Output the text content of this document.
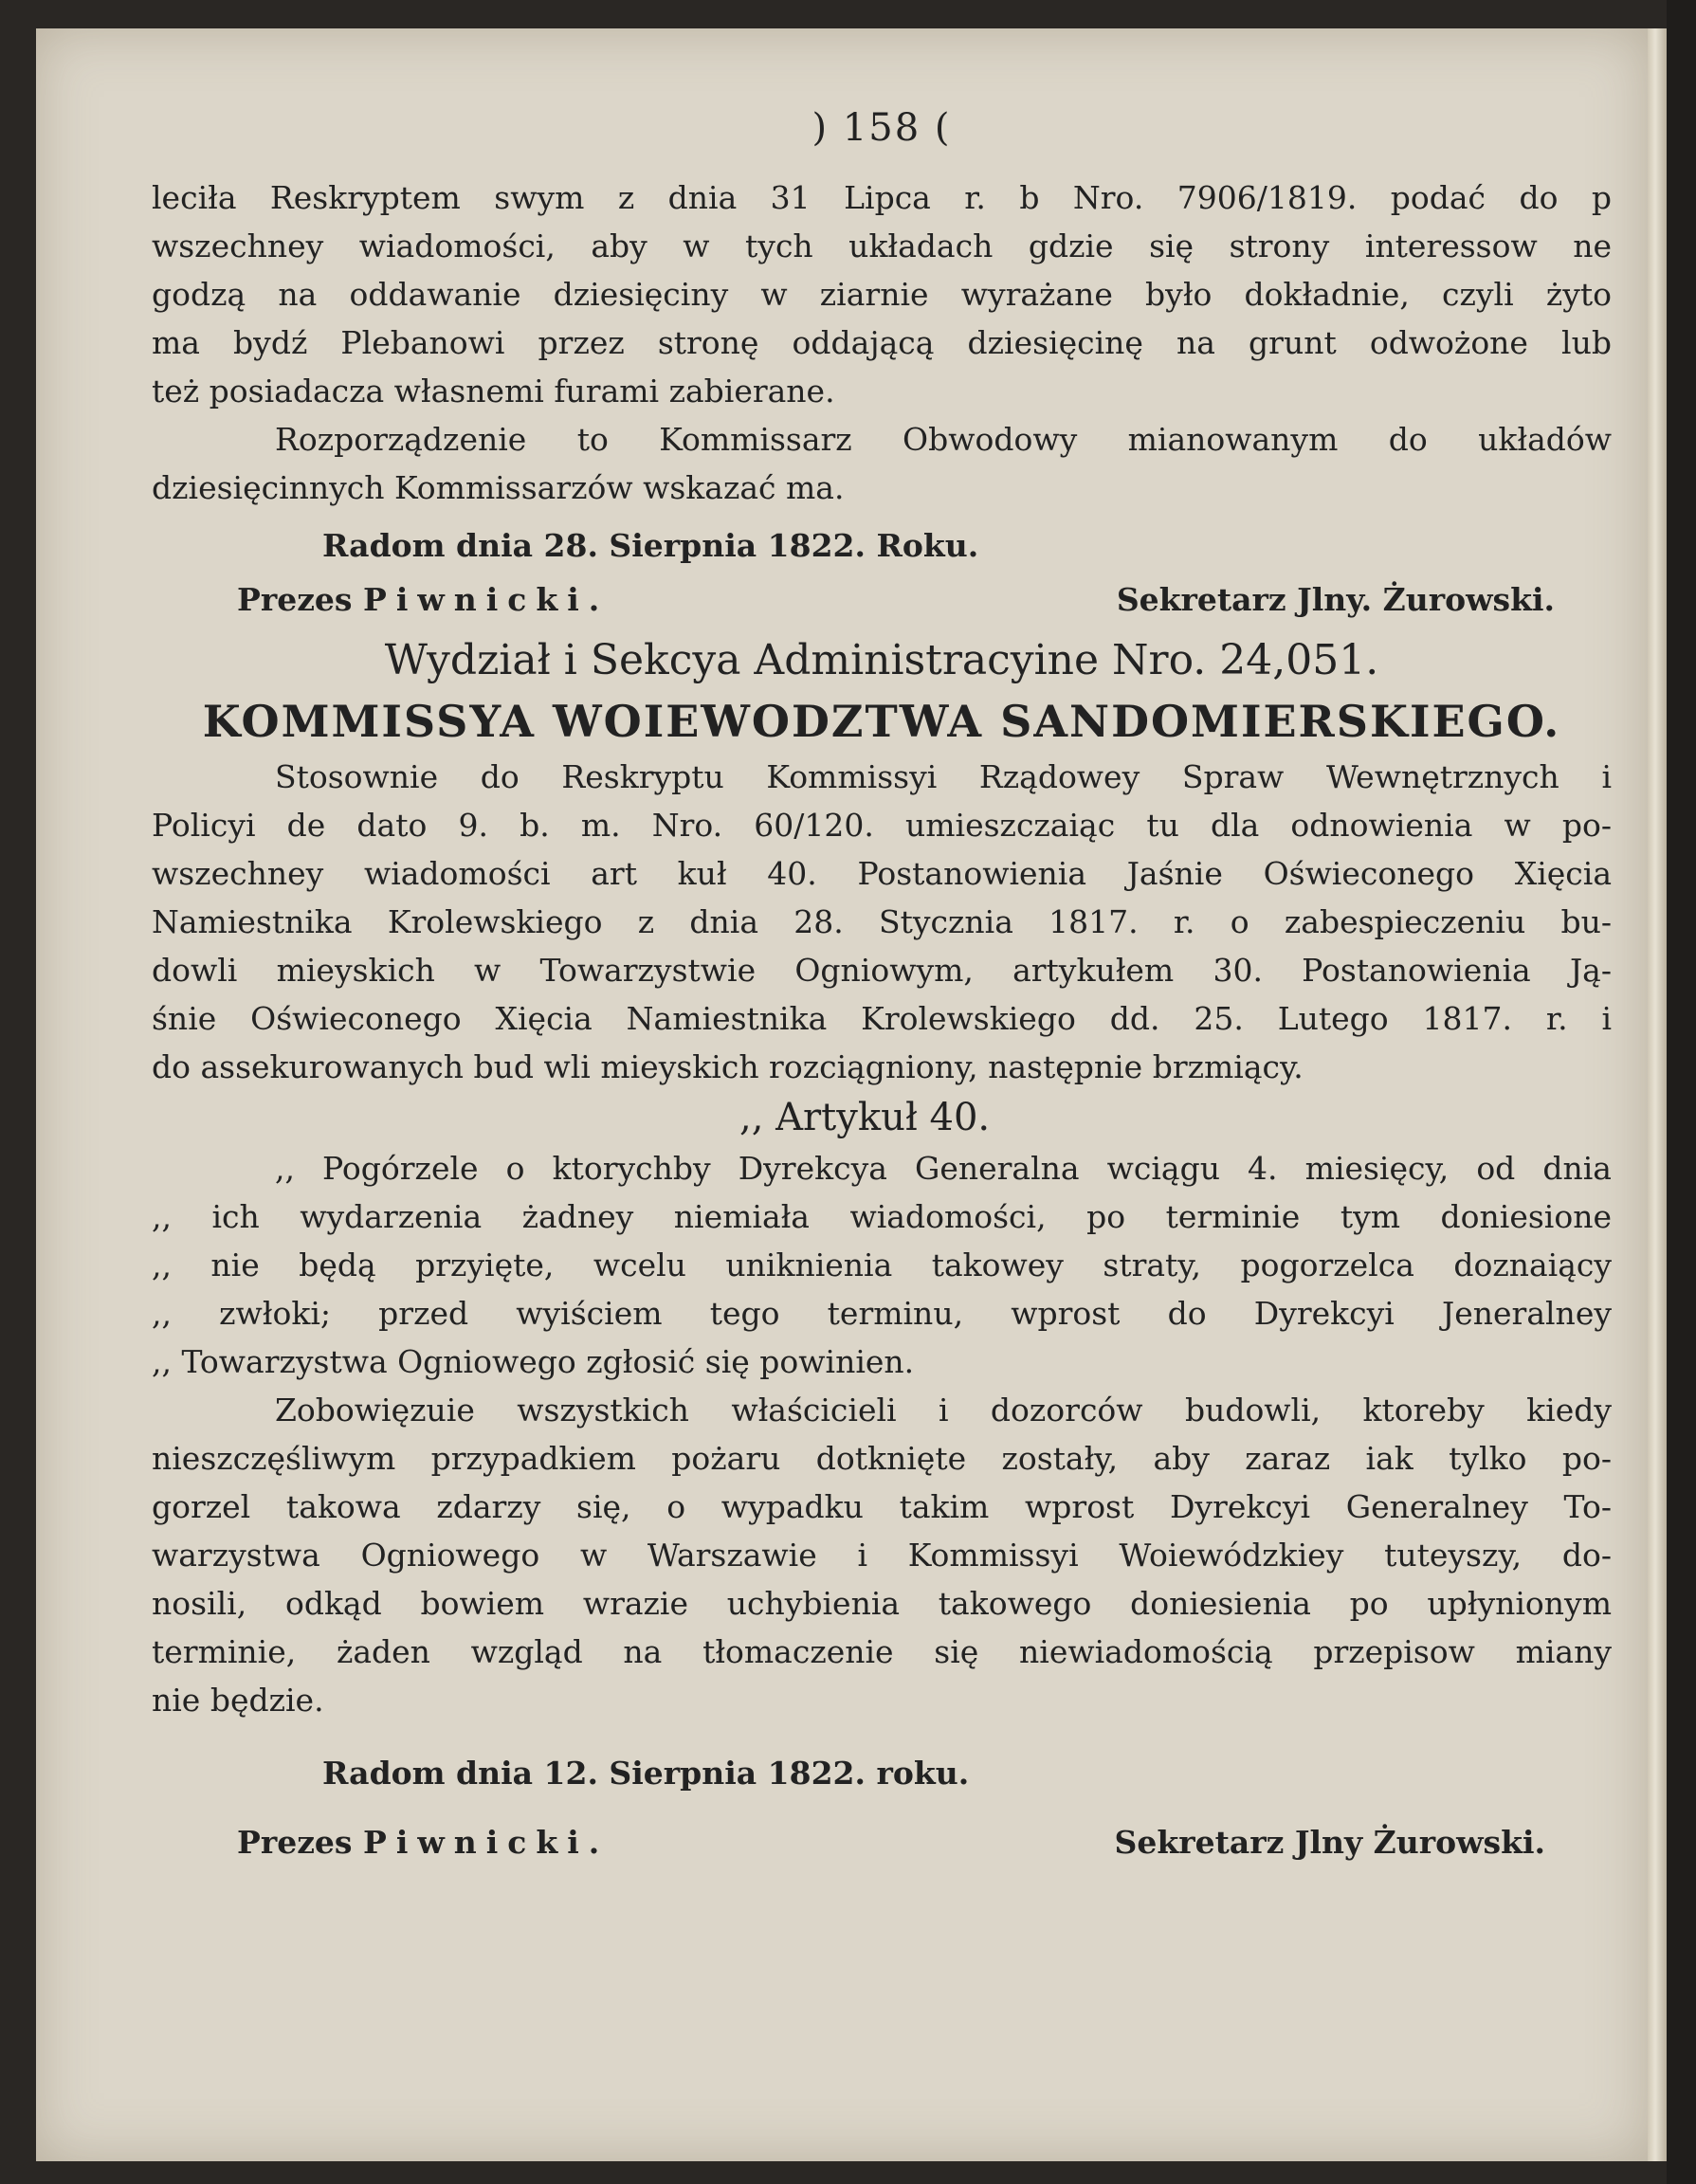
) 158 (
leciła Reskryptem swym z dnia 31 Lipca r. b Nro. 7906/1819. podać do p
wszechney wiadomości, aby w tych układach gdzie się strony interessow ne
godzą na oddawanie dziesięciny w ziarnie wyrażane było dokładnie, czyli żyto
ma bydź Plebanowi przez stronę oddającą dziesięcinę na grunt odwożone lub
też posiadacza własnemi furami zabierane.
Rozporządzenie to Kommissarz Obwodowy mianowanym do układów
dziesięcinnych Kommissarzów wskazać ma.
Radom dnia 28. Sierpnia 1822. Roku.
Prezes Piwnicki.	Sekretarz Jlny. Żurowski.
Wydział i Sekcya Administracyine Nro. 24,051.
KOMMISSYA WOIEWODZTWA SANDOMIERSKIEGO.
Stosownie do Reskryptu Kommissyi Rządowey Spraw Wewnętrznych i
Policyi de dato 9. b. m. Nro. 60/120. umieszczaiąc tu dla odnowienia w po-
wszechney wiadomości art kuł 40. Postanowienia Jaśnie Oświeconego Xięcia
Namiestnika Krolewskiego z dnia 28. Stycznia 1817. r. o zabespieczeniu bu-
dowli mieyskich w Towarzystwie Ogniowym, artykułem 30. Postanowienia Ją-
śnie Oświeconego Xięcia Namiestnika Krolewskiego dd. 25. Lutego 1817. r. i
do assekurowanych bud wli mieyskich rozciągniony, następnie brzmiący.
,, Artykuł 40.
,, Pogórzele o ktorychby Dyrekcya Generalna wciągu 4. miesięcy, od dnia
,, ich wydarzenia żadney niemiała wiadomości, po terminie tym doniesione
,, nie będą przyięte, wcelu uniknienia takowey straty, pogorzelca doznaiący
,, zwłoki; przed wyiściem tego terminu, wprost do Dyrekcyi Jeneralney
,, Towarzystwa Ogniowego zgłosić się powinien.
Zobowięzuie wszystkich właścicieli i dozorców budowli, ktoreby kiedy
nieszczęśliwym przypadkiem pożaru dotknięte zostały, aby zaraz iak tylko po-
gorzel takowa zdarzy się, o wypadku takim wprost Dyrekcyi Generalney To-
warzystwa Ogniowego w Warszawie i Kommissyi Woiewódzkiey tuteyszy, do-
nosili, odkąd bowiem wrazie uchybienia takowego doniesienia po upłynionym
terminie, żaden wzgląd na tłomaczenie się niewiadomością przepisow miany
nie będzie.
Radom dnia 12. Sierpnia 1822. roku.
Prezes Piwnicki.	Sekretarz Jlny Żurowski.
